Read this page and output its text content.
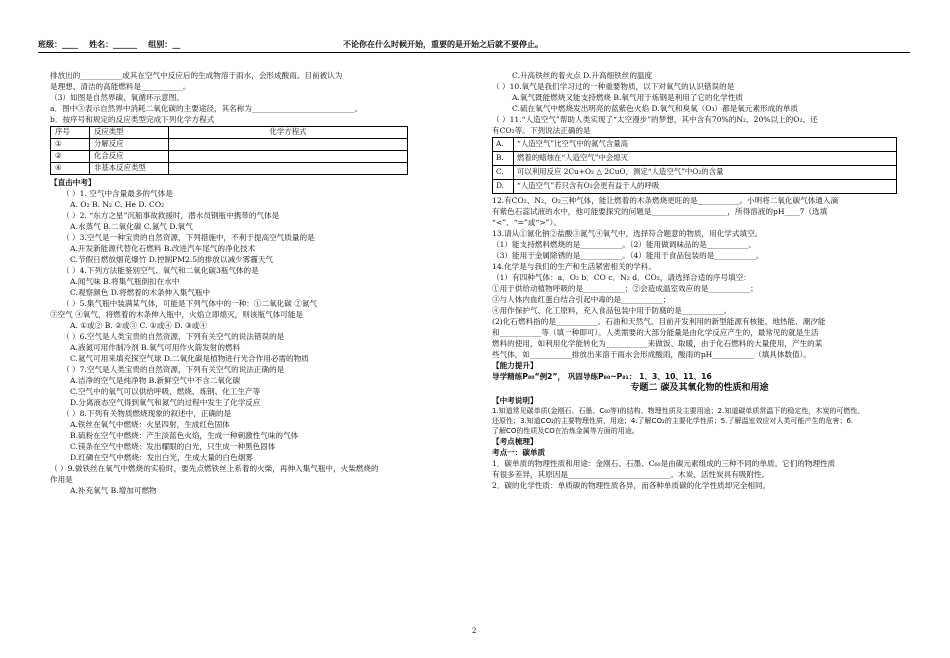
班级：____    姓名：______    组别：__	不论你在什么时候开始，重要的是开始之后就不要停止。
排放出的___________或其在空气中反应后的生成物溶于雨水，会形成酸雨。目前被认为
是理想、清洁的高能燃料是___________。
（3）如图是自然界碳、氧循环示意图。
a．图中③表示自然界中消耗二氧化碳的主要途径，其名称为___________________________。
b．按序号和规定的反应类型完成下列化学方程式
序号	反应类型	化学方程式
①	分解反应	
②	化合反应	
④	非基本反应类型	
【直击中考】
（ ）1. 空气中含量最多的气体是
A. O₂ B. N₂ C. He D. CO₂
（ ）2. “东方之星”沉船事故救援时，潜水员钢瓶中携带的气体是
A.水蒸气 B.二氧化碳 C.氮气 D.氧气
（ ）3.空气是一种宝贵的自然资源，下列措施中，不利于提高空气质量的是
A.开发新能源代替化石燃料 B.改进汽车尾气的净化技术
C.节假日燃放烟花爆竹 D.控制PM2.5的排放以减少雾霾天气
（ ）4.下列方法能鉴别空气、氧气和二氧化碳3瓶气体的是
A.闻气味 B.将集气瓶倒扣在水中
C.观察颜色 D.将燃着的木条伸入集气瓶中
（ ）5.集气瓶中装满某气体，可能是下列气体中的一种：①二氧化碳 ②氮气
③空气 ④氧气，将燃着的木条伸入瓶中，火焰立即熄灭，则该瓶气体可能是
A. ①或② B. ②或③ C. ①或④ D. ③或④
（ ）6.空气是人类宝贵的自然资源，下列有关空气的说法错误的是
A.液氮可用作制冷剂 B.氧气可用作火箭发射的燃料
C.氦气可用来填充探空气球 D.二氧化碳是植物进行光合作用必需的物质
（ ）7.空气是人类宝贵的自然资源，下列有关空气的说法正确的是
A.洁净的空气是纯净物 B.新鲜空气中不含二氧化碳
C.空气中的氧气可以供给呼吸、燃烧、炼钢、化工生产等
D.分离液态空气得到氧气和氮气的过程中发生了化学反应
（ ）8.下列有关物质燃烧现象的叙述中，正确的是
A.铁丝在氧气中燃烧：火星四射，生成红色固体
B.硫粉在空气中燃烧：产生淡蓝色火焰，生成一种刺激性气味的气体
C.镁条在空气中燃烧：发出耀眼的白光，只生成一种黑色固体
D.红磷在空气中燃烧：发出白光，生成大量的白色烟雾
（ ）9.做铁丝在氧气中燃烧的实验时，要先点燃铁丝上系着的火柴，再伸入集气瓶中，火柴燃烧的
作用是
A.补充氧气 B.增加可燃物
C.升高铁丝的着火点 D.升高细铁丝的温度
（ ）10.氧气是我们学习过的一种重要物质，以下对氧气的认识错误的是
A.氧气既能燃烧又能支持燃烧 B.氧气用于炼钢是利用了它的化学性质
C.硫在氧气中燃烧发出明亮的蓝紫色火焰 D.氧气和臭氧（O₃）都是氧元素形成的单质
（ ）11.“人造空气”帮助人类实现了“太空漫步”的梦想，其中含有70%的N₂、20%以上的O₂、还
有CO₂等。下列说法正确的是
A.	“人造空气”比空气中的氮气含量高
B.	燃着的蜡烛在“人造空气”中会熄灭
C.	可以利用反应 2Cu+O₂ △ 2CuO，测定“人造空气”中O₂的含量
D.	“人造空气”若只含有O₂会更有益于人的呼吸
12.有CO₂、N₂、O₂三种气体，能让燃着的木条燃烧更旺的是___________。小明将二氧化碳气体通入滴
有紫色石蕊试液的水中，他可能要探究的问题是____________________，所得溶液的pH____7（选填
“<”、“=”或“>”）。
13.请从①氮化钠②盐酸③氮气④氧气中，选择符合题意的物质，用化学式填空。
（1）能支持燃料燃烧的是___________。（2）能用做调味品的是___________。
（3）能用于金属除锈的是___________。（4）能用于食品包装的是___________。
14.化学是与我们的生产和生活紧密相关的学科。
（1）有四种气体：a．O₂ b．CO c．N₂ d．CO₂，请选择合适的序号填空：
①用于供给动植物呼吸的是___________；②会造成温室效应的是___________；
③与人体内血红蛋白结合引起中毒的是___________；
④用作保护气、化工原料，充入食品包装中用于防腐的是___________。
(2)化石燃料指的是___________、石油和天然气，目前开发利用的新型能源有核能、地热能、潮汐能
和___________等（填一种即可）。人类需要的大部分能量是由化学反应产生的，最常见的就是生活
燃料的使用，如利用化学能转化为___________来做饭、取暖，由于化石燃料的大量使用，产生的某
些气体，如___________排放出来溶于雨水会形成酸雨，酸雨的pH___________（填具体数值）。
【能力提升】
导学精练P₈₀“例2”， 巩固导练P₈₀~P₈₁： 1、3、10、11、16
专题二 碳及其氧化物的性质和用途
【中考说明】
1.知道常见碳单质(金刚石、石墨、C₆₀等)的结构、物理性质及主要用途；2.知道碳单质常温下的稳定性，木炭的可燃性、
还原性；3.知道CO₂的主要物理性质、用途；4.了解CO₂的主要化学性质；5.了解温室效应对人类可能产生的危害；6.
了解CO的性质及CO在冶炼金属等方面的用途。
【考点梳理】
考点一：碳单质
1．碳单质的物理性质和用途：金刚石、石墨、C₆₀是由碳元素组成的三种不同的单质。它们的物理性质
有很多差异，其原因是___________________________。木炭、活性炭具有吸附性。
2．碳的化学性质：单质碳的物理性质各异，而各种单质碳的化学性质却完全相同。
2
